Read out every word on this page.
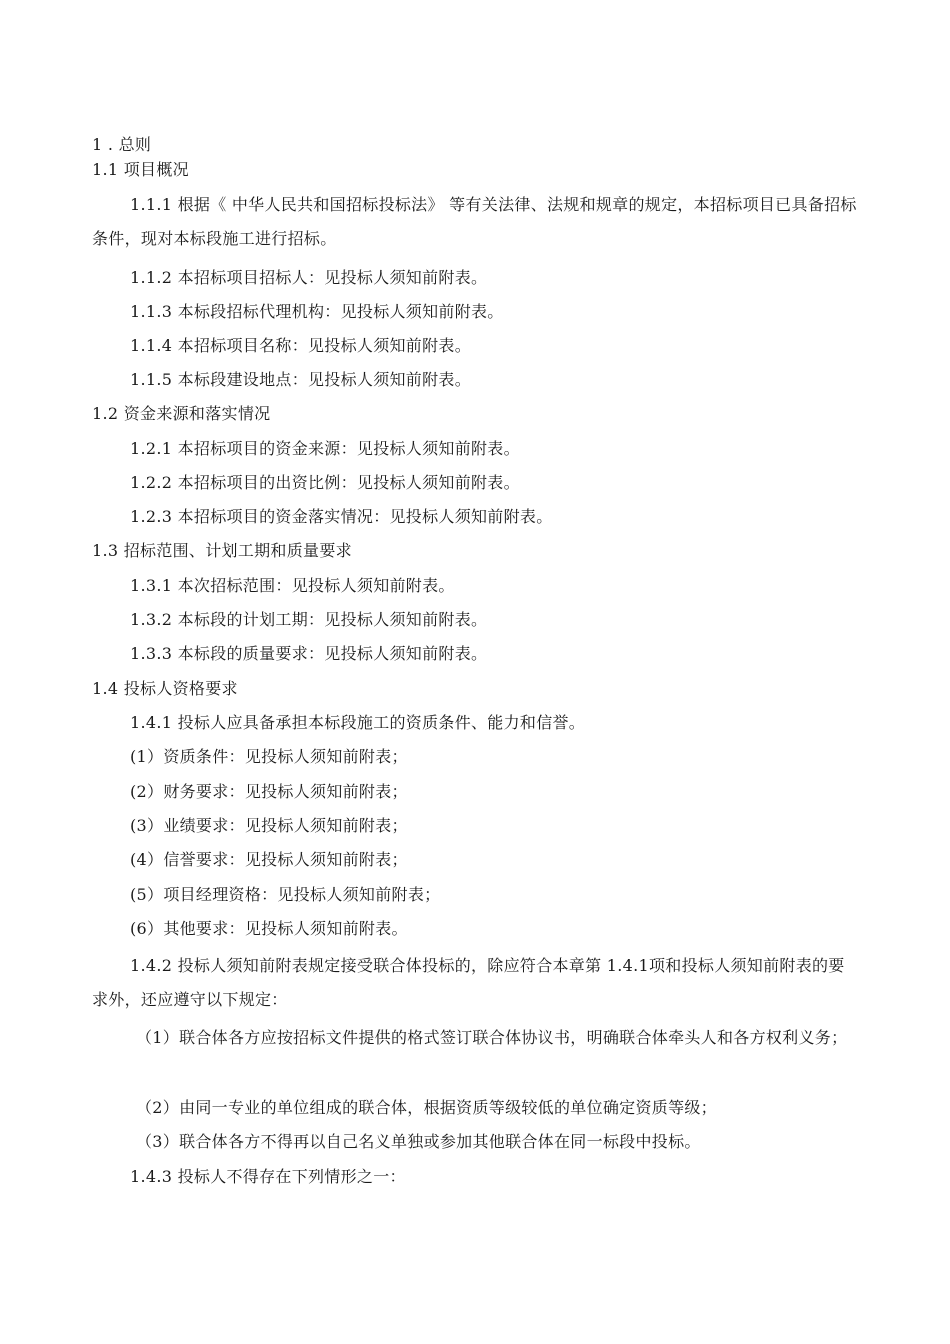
1 . 总则
1.1 项目概况
1.1.1 根据《 中华人民共和国招标投标法》 等有关法律、法规和规章的规定，本招标项目已具备招标条件，现对本标段施工进行招标。
1.1.2 本招标项目招标人：见投标人须知前附表。
1.1.3 本标段招标代理机构：见投标人须知前附表。
1.1.4 本招标项目名称：见投标人须知前附表。
1.1.5 本标段建设地点：见投标人须知前附表。
1.2 资金来源和落实情况
1.2.1 本招标项目的资金来源：见投标人须知前附表。
1.2.2 本招标项目的出资比例：见投标人须知前附表。
1.2.3 本招标项目的资金落实情况：见投标人须知前附表。
1.3 招标范围、计划工期和质量要求
1.3.1 本次招标范围：见投标人须知前附表。
1.3.2 本标段的计划工期：见投标人须知前附表。
1.3.3 本标段的质量要求：见投标人须知前附表。
1.4 投标人资格要求
1.4.1 投标人应具备承担本标段施工的资质条件、能力和信誉。
(1）资质条件：见投标人须知前附表；
(2）财务要求：见投标人须知前附表；
(3）业绩要求：见投标人须知前附表；
(4）信誉要求：见投标人须知前附表；
(5）项目经理资格：见投标人须知前附表；
(6）其他要求：见投标人须知前附表。
1.4.2 投标人须知前附表规定接受联合体投标的，除应符合本章第 1.4.1项和投标人须知前附表的要求外，还应遵守以下规定：
（1）联合体各方应按招标文件提供的格式签订联合体协议书，明确联合体牵头人和各方权利义务；
（2）由同一专业的单位组成的联合体，根据资质等级较低的单位确定资质等级；
（3）联合体各方不得再以自己名义单独或参加其他联合体在同一标段中投标。
1.4.3 投标人不得存在下列情形之一：
